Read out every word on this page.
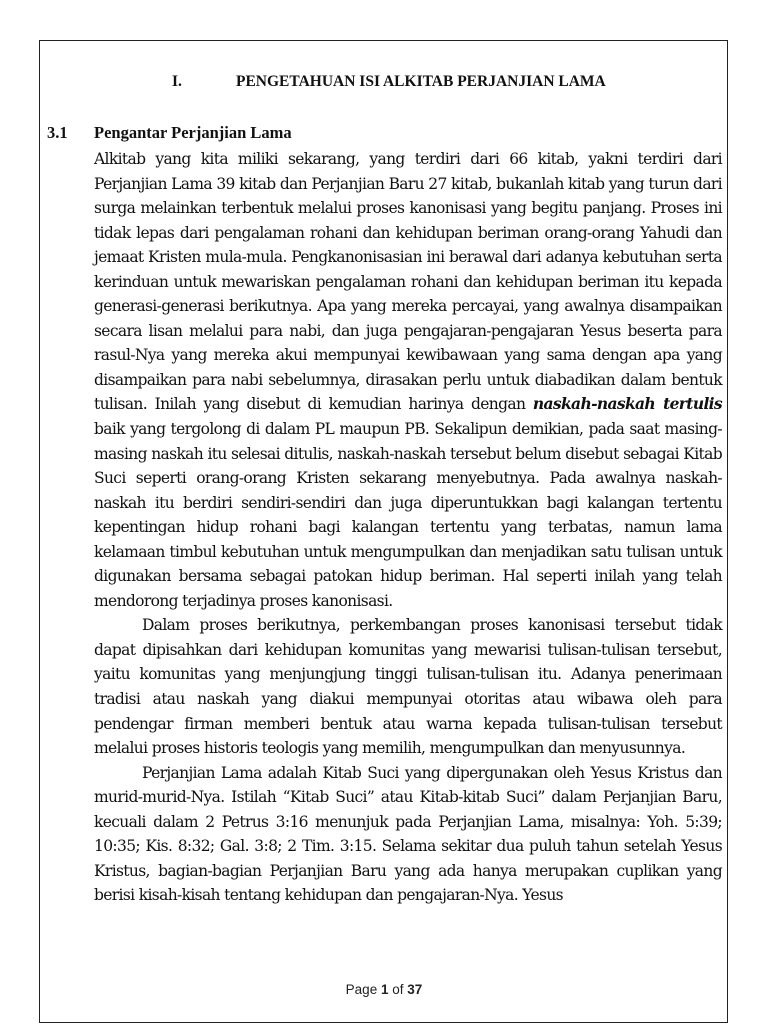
I.	PENGETAHUAN ISI ALKITAB PERJANJIAN LAMA
3.1 Pengantar Perjanjian Lama

Alkitab yang kita miliki sekarang, yang terdiri dari 66 kitab, yakni terdiri dari Perjanjian Lama 39 kitab dan Perjanjian Baru 27 kitab, bukanlah kitab yang turun dari surga melainkan terbentuk melalui proses kanonisasi yang begitu panjang. Proses ini tidak lepas dari pengalaman rohani dan kehidupan beriman orang-orang Yahudi dan jemaat Kristen mula-mula. Pengkanonisasian ini berawal dari adanya kebutuhan serta kerinduan untuk mewariskan pengalaman rohani dan kehidupan beriman itu kepada generasi-generasi berikutnya. Apa yang mereka percayai, yang awalnya disampaikan secara lisan melalui para nabi, dan juga pengajaran-pengajaran Yesus beserta para rasul-Nya yang mereka akui mempunyai kewibawaan yang sama dengan apa yang disampaikan para nabi sebelumnya, dirasakan perlu untuk diabadikan dalam bentuk tulisan. Inilah yang disebut di kemudian harinya dengan naskah-naskah tertulis baik yang tergolong di dalam PL maupun PB. Sekalipun demikian, pada saat masing-masing naskah itu selesai ditulis, naskah-naskah tersebut belum disebut sebagai Kitab Suci seperti orang-orang Kristen sekarang menyebutnya. Pada awalnya naskah-naskah itu berdiri sendiri-sendiri dan juga diperuntukkan bagi kalangan tertentu kepentingan hidup rohani bagi kalangan tertentu yang terbatas, namun lama kelamaan timbul kebutuhan untuk mengumpulkan dan menjadikan satu tulisan untuk digunakan bersama sebagai patokan hidup beriman. Hal seperti inilah yang telah mendorong terjadinya proses kanonisasi.

Dalam proses berikutnya, perkembangan proses kanonisasi tersebut tidak dapat dipisahkan dari kehidupan komunitas yang mewarisi tulisan-tulisan tersebut, yaitu komunitas yang menjungjung tinggi tulisan-tulisan itu. Adanya penerimaan tradisi atau naskah yang diakui mempunyai otoritas atau wibawa oleh para pendengar firman memberi bentuk atau warna kepada tulisan-tulisan tersebut melalui proses historis teologis yang memilih, mengumpulkan dan menyusunnya.

Perjanjian Lama adalah Kitab Suci yang dipergunakan oleh Yesus Kristus dan murid-murid-Nya. Istilah “Kitab Suci” atau Kitab-kitab Suci” dalam Perjanjian Baru, kecuali dalam 2 Petrus 3:16 menunjuk pada Perjanjian Lama, misalnya: Yoh. 5:39; 10:35; Kis. 8:32; Gal. 3:8; 2 Tim. 3:15. Selama sekitar dua puluh tahun setelah Yesus Kristus, bagian-bagian Perjanjian Baru yang ada hanya merupakan cuplikan yang berisi kisah-kisah tentang kehidupan dan pengajaran-Nya. Yesus

Page 1 of 37
